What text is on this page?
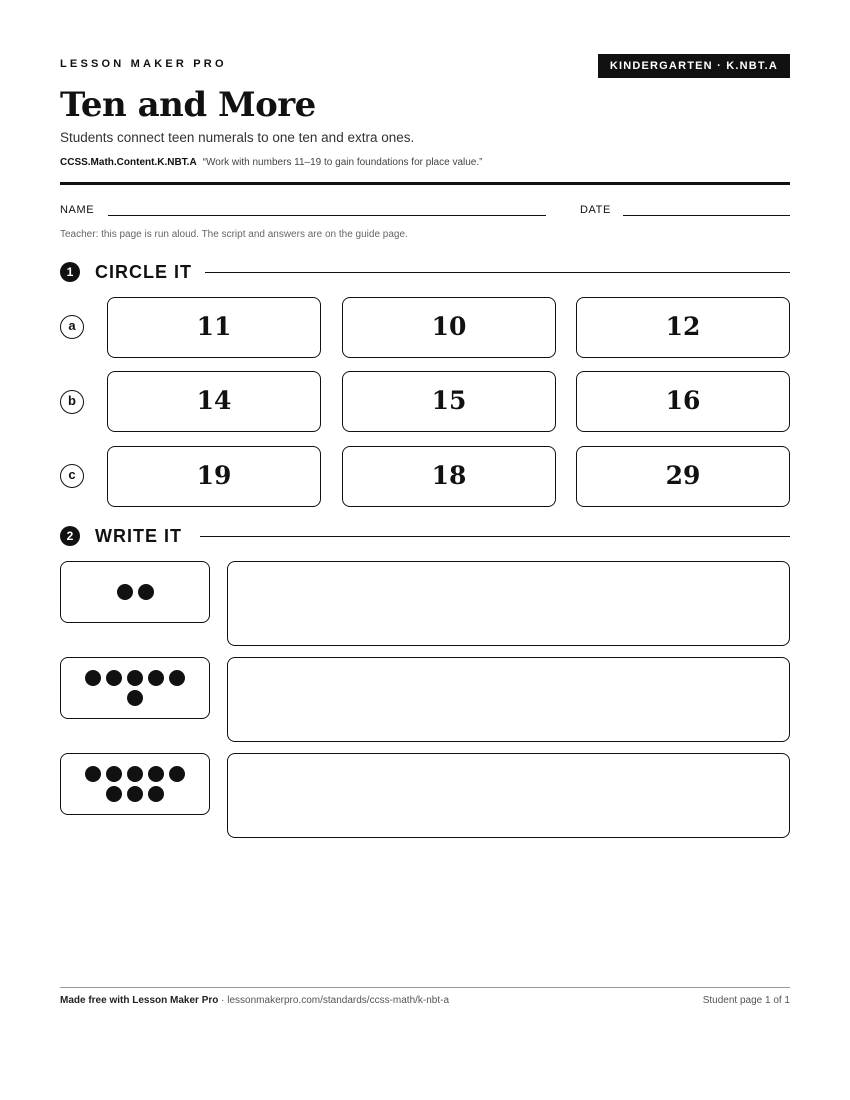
LESSON MAKER PRO	KINDERGARTEN · K.NBT.A
Ten and More
Students connect teen numerals to one ten and extra ones.
CCSS.Math.Content.K.NBT.A “Work with numbers 11–19 to gain foundations for place value.”
NAME	DATE
Teacher: this page is run aloud. The script and answers are on the guide page.
1	CIRCLE IT
a	11	10	12
b	14	15	16
c	19	18	29
2	WRITE IT
Made free with Lesson Maker Pro · lessonmakerpro.com/standards/ccss-math/k-nbt-a	Student page 1 of 1
